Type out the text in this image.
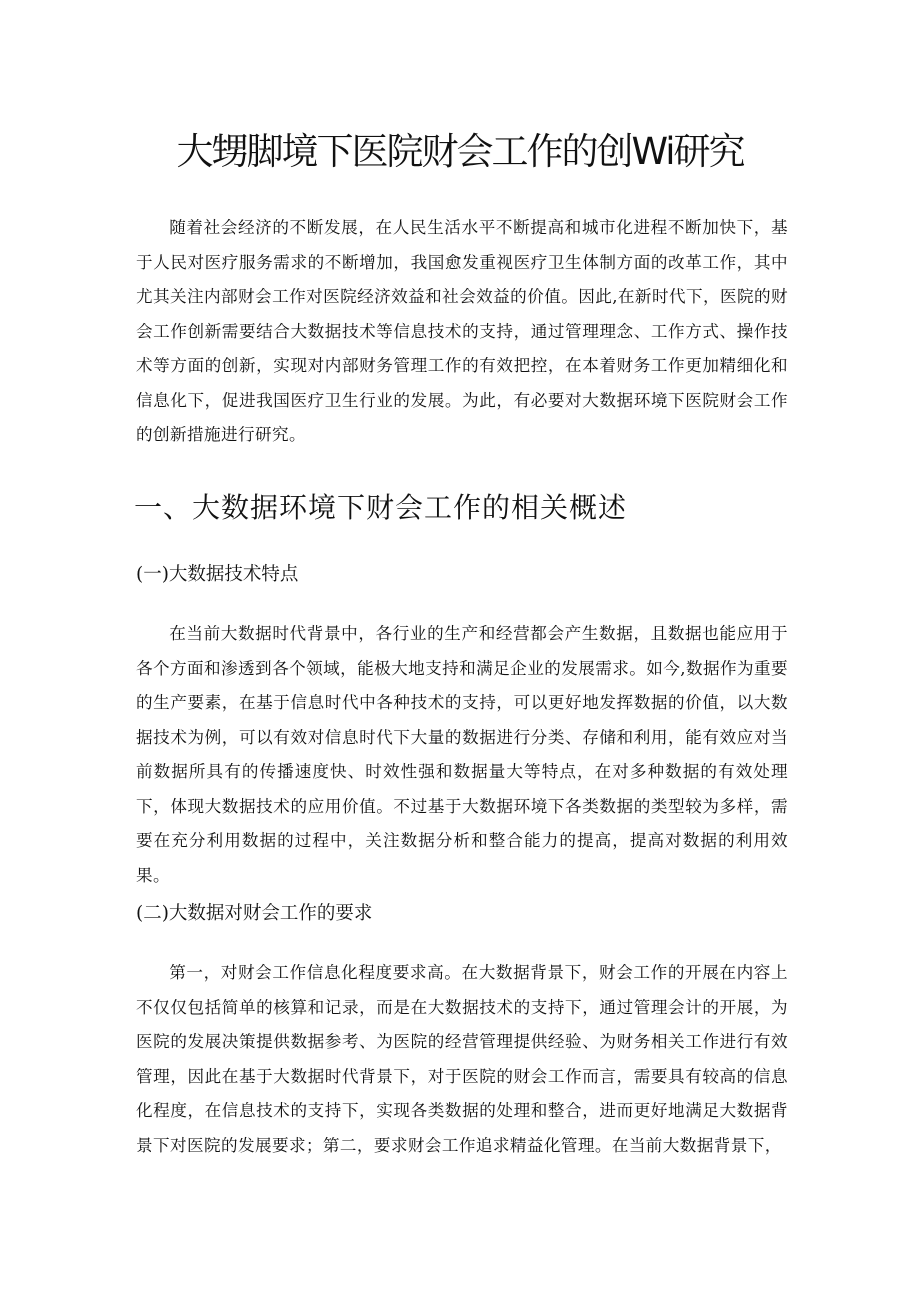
大甥脚境下医院财会工作的创Wi研究

随着社会经济的不断发展，在人民生活水平不断提高和城市化进程不断加快下，基于人民对医疗服务需求的不断增加，我国愈发重视医疗卫生体制方面的改革工作，其中尤其关注内部财会工作对医院经济效益和社会效益的价值。因此,在新时代下，医院的财会工作创新需要结合大数据技术等信息技术的支持，通过管理理念、工作方式、操作技术等方面的创新，实现对内部财务管理工作的有效把控，在本着财务工作更加精细化和信息化下，促进我国医疗卫生行业的发展。为此，有必要对大数据环境下医院财会工作的创新措施进行研究。

一、大数据环境下财会工作的相关概述
(一)大数据技术特点

在当前大数据时代背景中，各行业的生产和经营都会产生数据，且数据也能应用于各个方面和渗透到各个领域，能极大地支持和满足企业的发展需求。如今,数据作为重要的生产要素，在基于信息时代中各种技术的支持，可以更好地发挥数据的价值，以大数据技术为例，可以有效对信息时代下大量的数据进行分类、存储和利用，能有效应对当前数据所具有的传播速度快、时效性强和数据量大等特点，在对多种数据的有效处理下，体现大数据技术的应用价值。不过基于大数据环境下各类数据的类型较为多样，需要在充分利用数据的过程中，关注数据分析和整合能力的提高，提高对数据的利用效果。

(二)大数据对财会工作的要求

第一，对财会工作信息化程度要求高。在大数据背景下，财会工作的开展在内容上不仅仅包括简单的核算和记录，而是在大数据技术的支持下，通过管理会计的开展，为医院的发展决策提供数据参考、为医院的经营管理提供经验、为财务相关工作进行有效管理，因此在基于大数据时代背景下，对于医院的财会工作而言，需要具有较高的信息化程度，在信息技术的支持下，实现各类数据的处理和整合，进而更好地满足大数据背景下对医院的发展要求；第二，要求财会工作追求精益化管理。在当前大数据背景下，
